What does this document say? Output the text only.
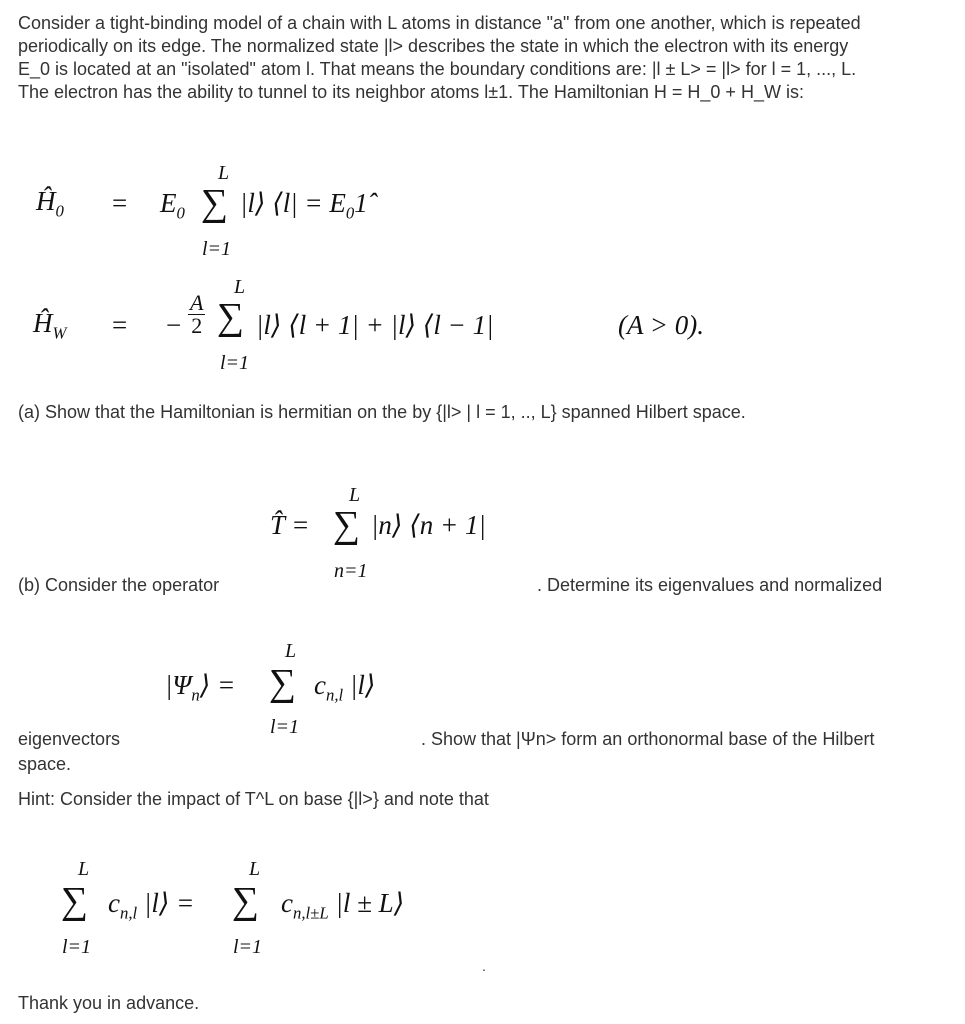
Consider a tight-binding model of a chain with L atoms in distance "a" from one another, which is repeated
periodically on its edge. The normalized state |l> describes the state in which the electron with its energy
E_0 is located at an "isolated" atom l. That means the boundary conditions are: |l ± L> = |l> for l = 1, ..., L.
The electron has the ability to tunnel to its neighbor atoms l±1. The Hamiltonian H = H_0 + H_W is:
$Ĥ_0 = E_0$
L
∑
l=1
|l⟩ ⟨l| = $E_01̂$
$Ĥ_W$ = − $\frac{A}{2}$
L
∑
l=1
|l⟩ ⟨l + 1| + |l⟩ ⟨l − 1|	(A > 0).
(a) Show that the Hamiltonian is hermitian on the by {|l> | l = 1, .., L} spanned Hilbert space.
L
T̂ = ∑
n=1
|n⟩ ⟨n + 1|
(b) Consider the operator	. Determine its eigenvalues and normalized
L
$|\Psi_n⟩$ = ∑
l=1
$c_{n,l}$ |l⟩
eigenvectors	. Show that |Ψn> form an orthonormal base of the Hilbert
space.
Hint: Consider the impact of T^L on base {|l>} and note that
L
∑
l=1
$c_{n,l}$ |l⟩ =
L
∑
l=1
$c_{n,l\pm L}$ |l ± L⟩
.
Thank you in advance.
